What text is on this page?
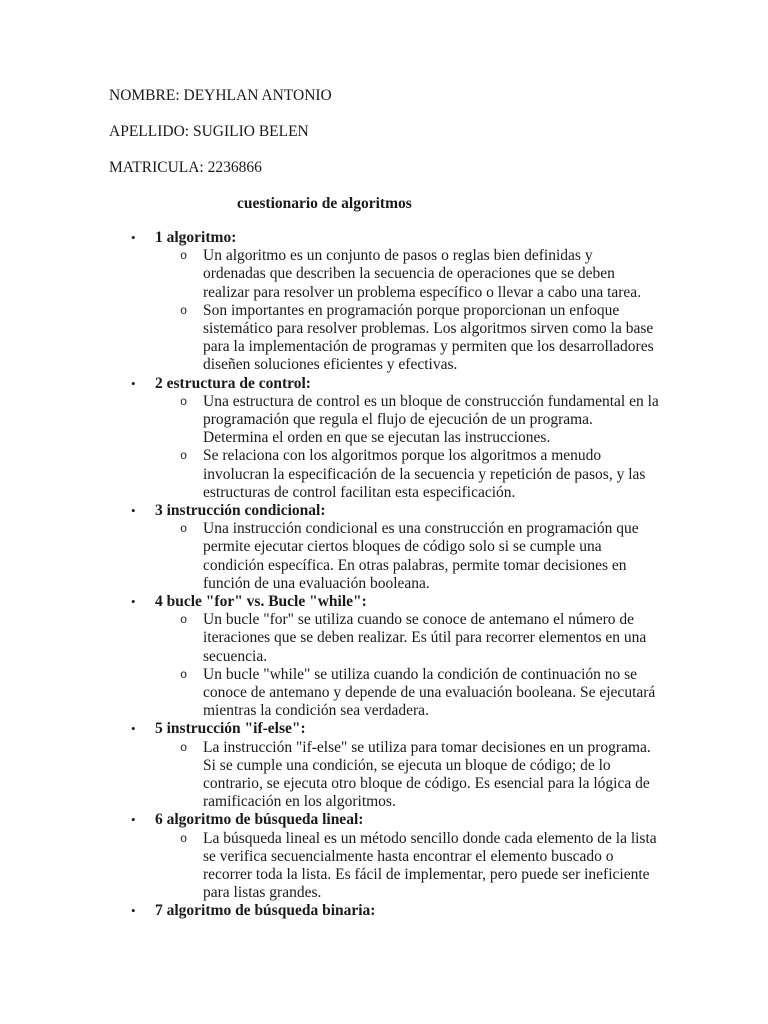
NOMBRE: DEYHLAN ANTONIO
APELLIDO: SUGILIO BELEN
MATRICULA: 2236866
cuestionario de algoritmos
• 1 algoritmo:
o Un algoritmo es un conjunto de pasos o reglas bien definidas y
ordenadas que describen la secuencia de operaciones que se deben
realizar para resolver un problema específico o llevar a cabo una tarea.
o Son importantes en programación porque proporcionan un enfoque
sistemático para resolver problemas. Los algoritmos sirven como la base
para la implementación de programas y permiten que los desarrolladores
diseñen soluciones eficientes y efectivas.
• 2 estructura de control:
o Una estructura de control es un bloque de construcción fundamental en la
programación que regula el flujo de ejecución de un programa.
Determina el orden en que se ejecutan las instrucciones.
o Se relaciona con los algoritmos porque los algoritmos a menudo
involucran la especificación de la secuencia y repetición de pasos, y las
estructuras de control facilitan esta especificación.
• 3 instrucción condicional:
o Una instrucción condicional es una construcción en programación que
permite ejecutar ciertos bloques de código solo si se cumple una
condición específica. En otras palabras, permite tomar decisiones en
función de una evaluación booleana.
• 4 bucle "for" vs. Bucle "while":
o Un bucle "for" se utiliza cuando se conoce de antemano el número de
iteraciones que se deben realizar. Es útil para recorrer elementos en una
secuencia.
o Un bucle "while" se utiliza cuando la condición de continuación no se
conoce de antemano y depende de una evaluación booleana. Se ejecutará
mientras la condición sea verdadera.
• 5 instrucción "if-else":
o La instrucción "if-else" se utiliza para tomar decisiones en un programa.
Si se cumple una condición, se ejecuta un bloque de código; de lo
contrario, se ejecuta otro bloque de código. Es esencial para la lógica de
ramificación en los algoritmos.
• 6 algoritmo de búsqueda lineal:
o La búsqueda lineal es un método sencillo donde cada elemento de la lista
se verifica secuencialmente hasta encontrar el elemento buscado o
recorrer toda la lista. Es fácil de implementar, pero puede ser ineficiente
para listas grandes.
• 7 algoritmo de búsqueda binaria:
